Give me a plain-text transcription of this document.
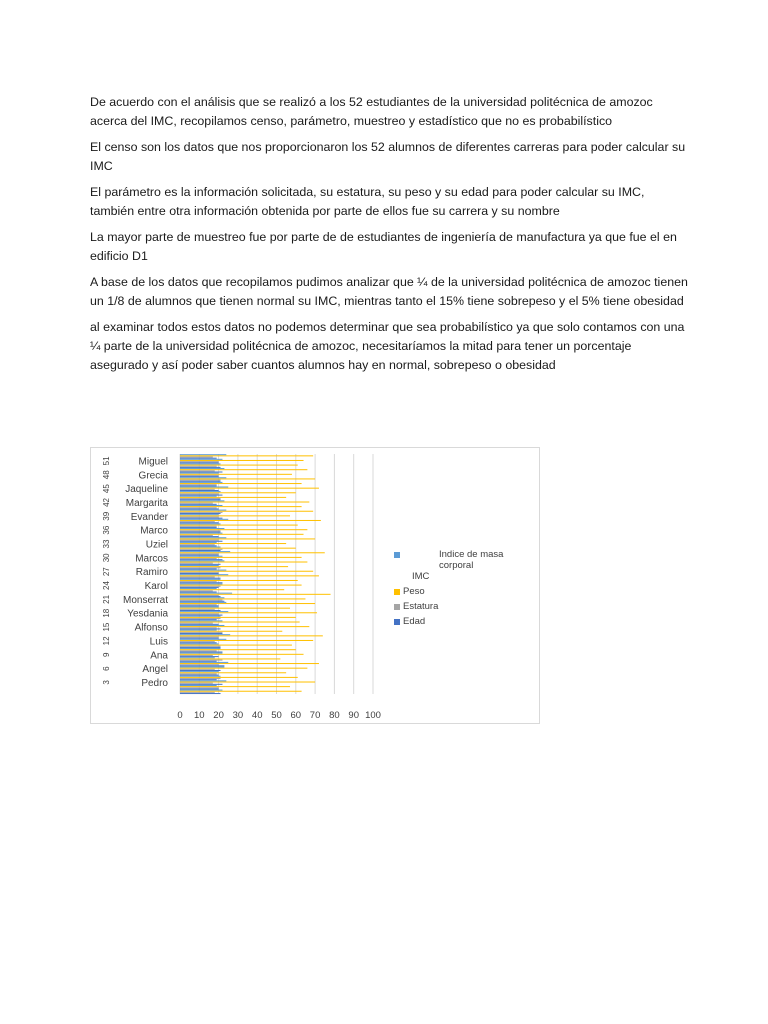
De acuerdo con el análisis que se realizó a los 52 estudiantes de la universidad politécnica de amozoc acerca del IMC, recopilamos censo, parámetro, muestreo y estadístico que no es probabilístico

El censo son los datos que nos proporcionaron los 52 alumnos de diferentes carreras para poder calcular su IMC

El parámetro es la información solicitada, su estatura, su peso y su edad para poder calcular su IMC, también entre otra información obtenida por parte de ellos fue su carrera y su nombre

La mayor parte de muestreo fue por parte de de estudiantes de ingeniería de manufactura ya que fue el en edificio D1

A base de los datos que recopilamos pudimos analizar que ¼ de la universidad politécnica de amozoc tienen un 1/8 de alumnos que tienen normal su IMC, mientras tanto el 15% tiene sobrepeso y el 5% tiene obesidad

al examinar todos estos datos no podemos determinar que sea probabilístico ya que solo contamos con una ¼ parte de la universidad politécnica de amozoc, necesitaríamos la mitad para tener un porcentaje asegurado y así poder saber cuantos alumnos hay en normal, sobrepeso o obesidad

0 10 20 30 40 50 60 70 80 90 100
3
6
9
12
15
18
21
24
27
30
33
36
39
42
45
48
51
Pedro
Angel
Ana
Luis
Alfonso
Yesdania
Monserrat
Karol
Ramiro
Marcos
Uziel
Marco
Evander
Margarita
Jaqueline
Grecia
Miguel
Indice de masa corporal
IMC
Peso
Estatura
Edad
